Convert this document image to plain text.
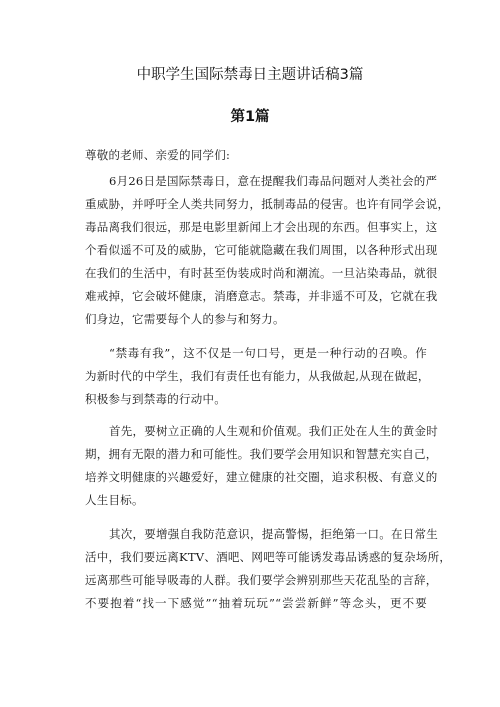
中职学生国际禁毒日主题讲话稿3篇
第1篇
尊敬的老师、亲爱的同学们:
6月26日是国际禁毒日，意在提醒我们毒品问题对人类社会的严
重威胁，并呼吁全人类共同努力，抵制毒品的侵害。也许有同学会说，
毒品离我们很远，那是电影里新闻上才会出现的东西。但事实上，这
个看似遥不可及的威胁，它可能就隐藏在我们周围，以各种形式出现
在我们的生活中，有时甚至伪装成时尚和潮流。一旦沾染毒品，就很
难戒掉，它会破坏健康，消磨意志。禁毒，并非遥不可及，它就在我
们身边，它需要每个人的参与和努力。
“禁毒有我”，这不仅是一句口号，更是一种行动的召唤。作
为新时代的中学生，我们有责任也有能力，从我做起,从现在做起，
积极参与到禁毒的行动中。
首先，要树立正确的人生观和价值观。我们正处在人生的黄金时
期，拥有无限的潜力和可能性。我们要学会用知识和智慧充实自己，
培养文明健康的兴趣爱好，建立健康的社交圈，追求积极、有意义的
人生目标。
其次，要增强自我防范意识，提高警惕，拒绝第一口。在日常生
活中，我们要远离KTV、酒吧、网吧等可能诱发毒品诱惑的复杂场所，
远离那些可能导吸毒的人群。我们要学会辨别那些天花乱坠的言辞，
不要抱着“找一下感觉”“抽着玩玩”“尝尝新鲜”等念头，更不要
